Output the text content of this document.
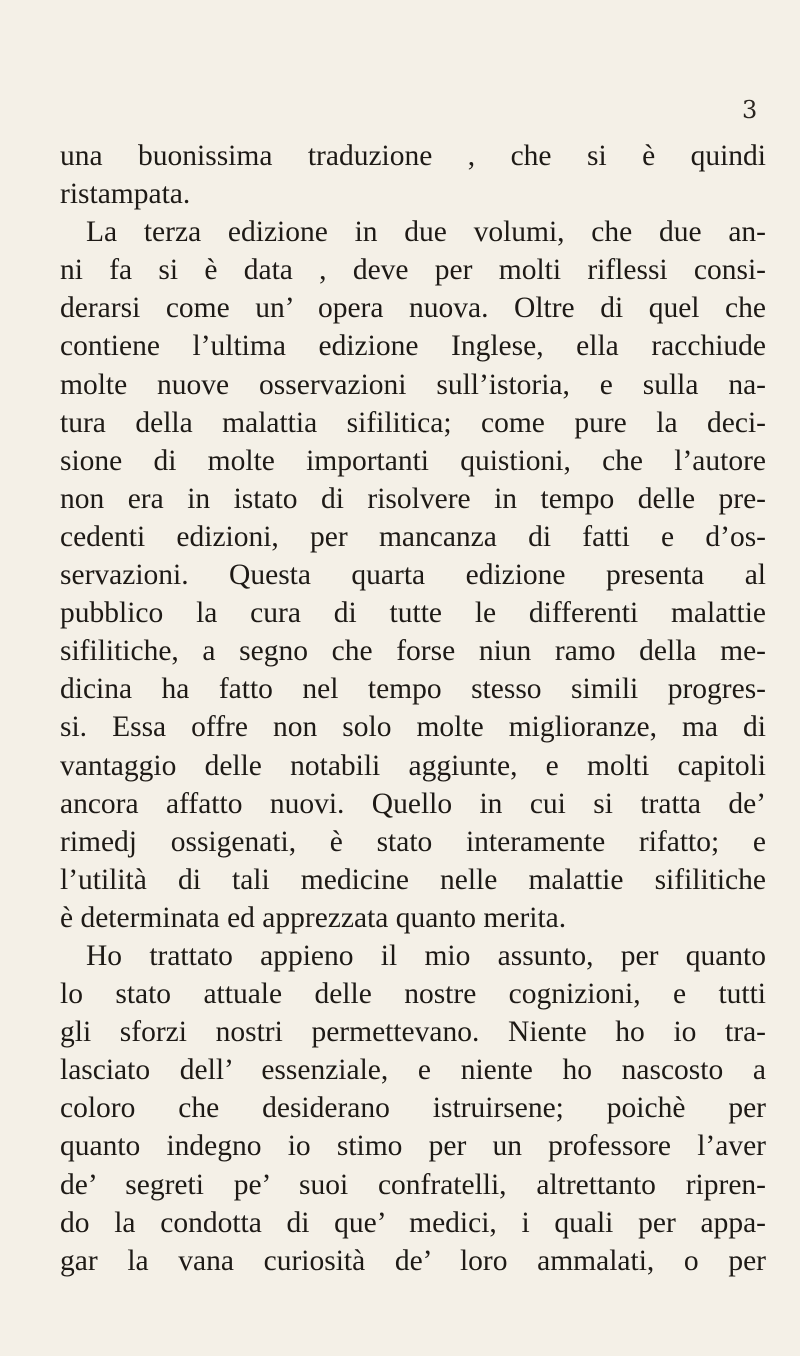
3
una buonissima traduzione , che si è quindi
ristampata.
La terza edizione in due volumi, che due an-
ni fa si è data , deve per molti riflessi consi-
derarsi come un’ opera nuova. Oltre di quel che
contiene l’ultima edizione Inglese, ella racchiude
molte nuove osservazioni sull’istoria, e sulla na-
tura della malattia sifilitica; come pure la deci-
sione di molte importanti quistioni, che l’autore
non era in istato di risolvere in tempo delle pre-
cedenti edizioni, per mancanza di fatti e d’os-
servazioni. Questa quarta edizione presenta al
pubblico la cura di tutte le differenti malattie
sifilitiche, a segno che forse niun ramo della me-
dicina ha fatto nel tempo stesso simili progres-
si. Essa offre non solo molte miglioranze, ma di
vantaggio delle notabili aggiunte, e molti capitoli
ancora affatto nuovi. Quello in cui si tratta de’
rimedj ossigenati, è stato interamente rifatto; e
l’utilità di tali medicine nelle malattie sifilitiche
è determinata ed apprezzata quanto merita.
Ho trattato appieno il mio assunto, per quanto
lo stato attuale delle nostre cognizioni, e tutti
gli sforzi nostri permettevano. Niente ho io tra-
lasciato dell’ essenziale, e niente ho nascosto a
coloro che desiderano istruirsene; poichè per
quanto indegno io stimo per un professore l’aver
de’ segreti pe’ suoi confratelli, altrettanto ripren-
do la condotta di que’ medici, i quali per appa-
gar la vana curiosità de’ loro ammalati, o per
